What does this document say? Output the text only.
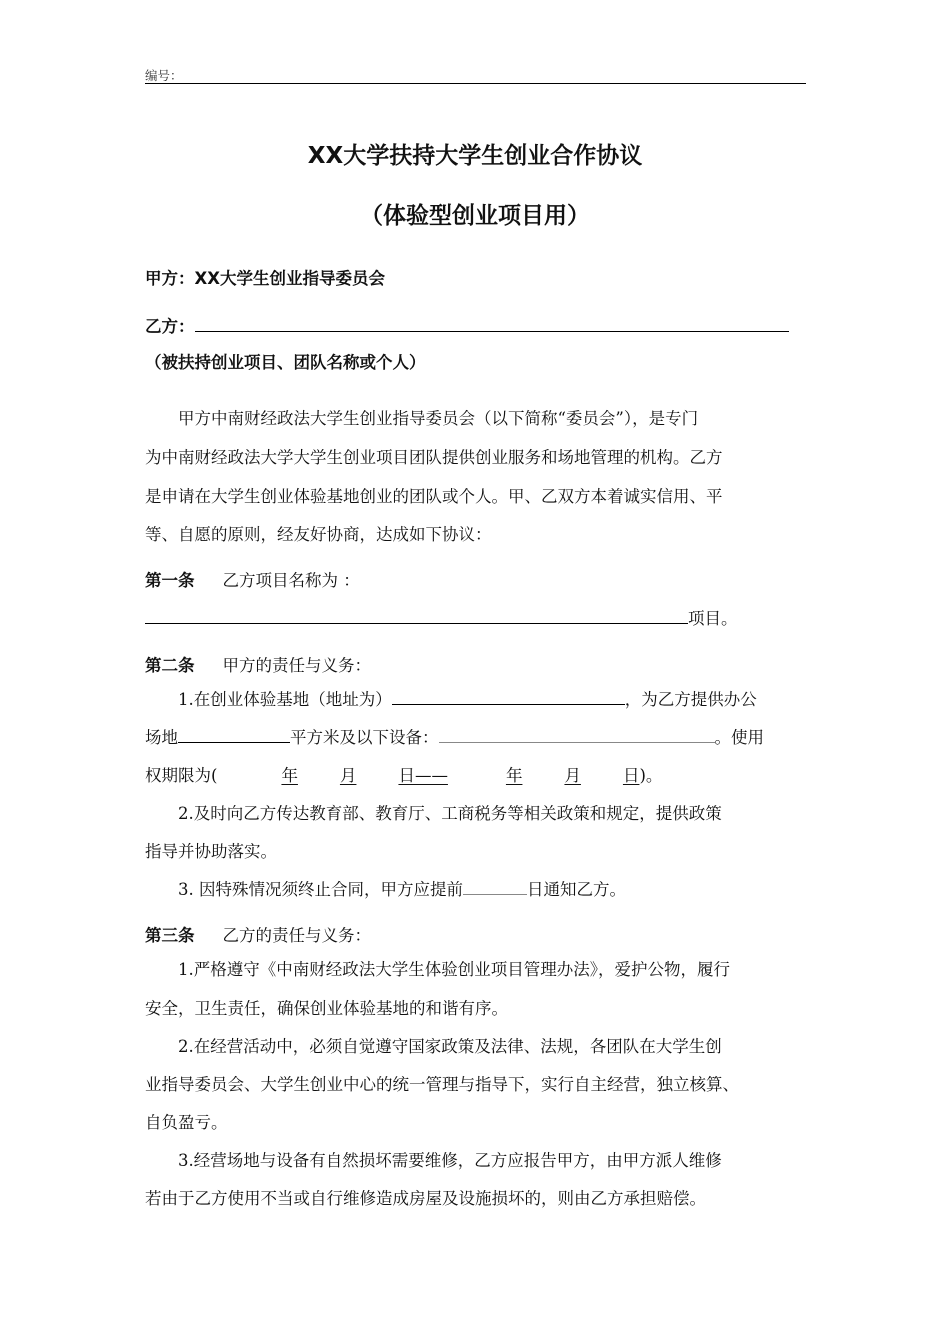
编号：
XX大学扶持大学生创业合作协议
（体验型创业项目用）
甲方：XX大学生创业指导委员会
乙方：
（被扶持创业项目、团队名称或个人）
甲方中南财经政法大学生创业指导委员会（以下简称“委员会”），是专门
为中南财经政法大学大学生创业项目团队提供创业服务和场地管理的机构。乙方
是申请在大学生创业体验基地创业的团队或个人。甲、乙双方本着诚实信用、平
等、自愿的原则，经友好协商，达成如下协议：
第一条 乙方项目名称为 ：
项目。
第二条 甲方的责任与义务：
1.在创业体验基地（地址为）	，为乙方提供办公
场地	平方米及以下设备：	。使用
权期限为(	年	月	日——	年	月	日)。
2.及时向乙方传达教育部、教育厅、工商税务等相关政策和规定，提供政策
指导并协助落实。
3. 因特殊情况须终止合同，甲方应提前	日通知乙方。
第三条 乙方的责任与义务：
1.严格遵守《中南财经政法大学生体验创业项目管理办法》，爱护公物，履行
安全，卫生责任，确保创业体验基地的和谐有序。
2.在经营活动中，必须自觉遵守国家政策及法律、法规，各团队在大学生创
业指导委员会、大学生创业中心的统一管理与指导下，实行自主经营，独立核算、
自负盈亏。
3.经营场地与设备有自然损坏需要维修，乙方应报告甲方，由甲方派人维修
若由于乙方使用不当或自行维修造成房屋及设施损坏的，则由乙方承担赔偿。
